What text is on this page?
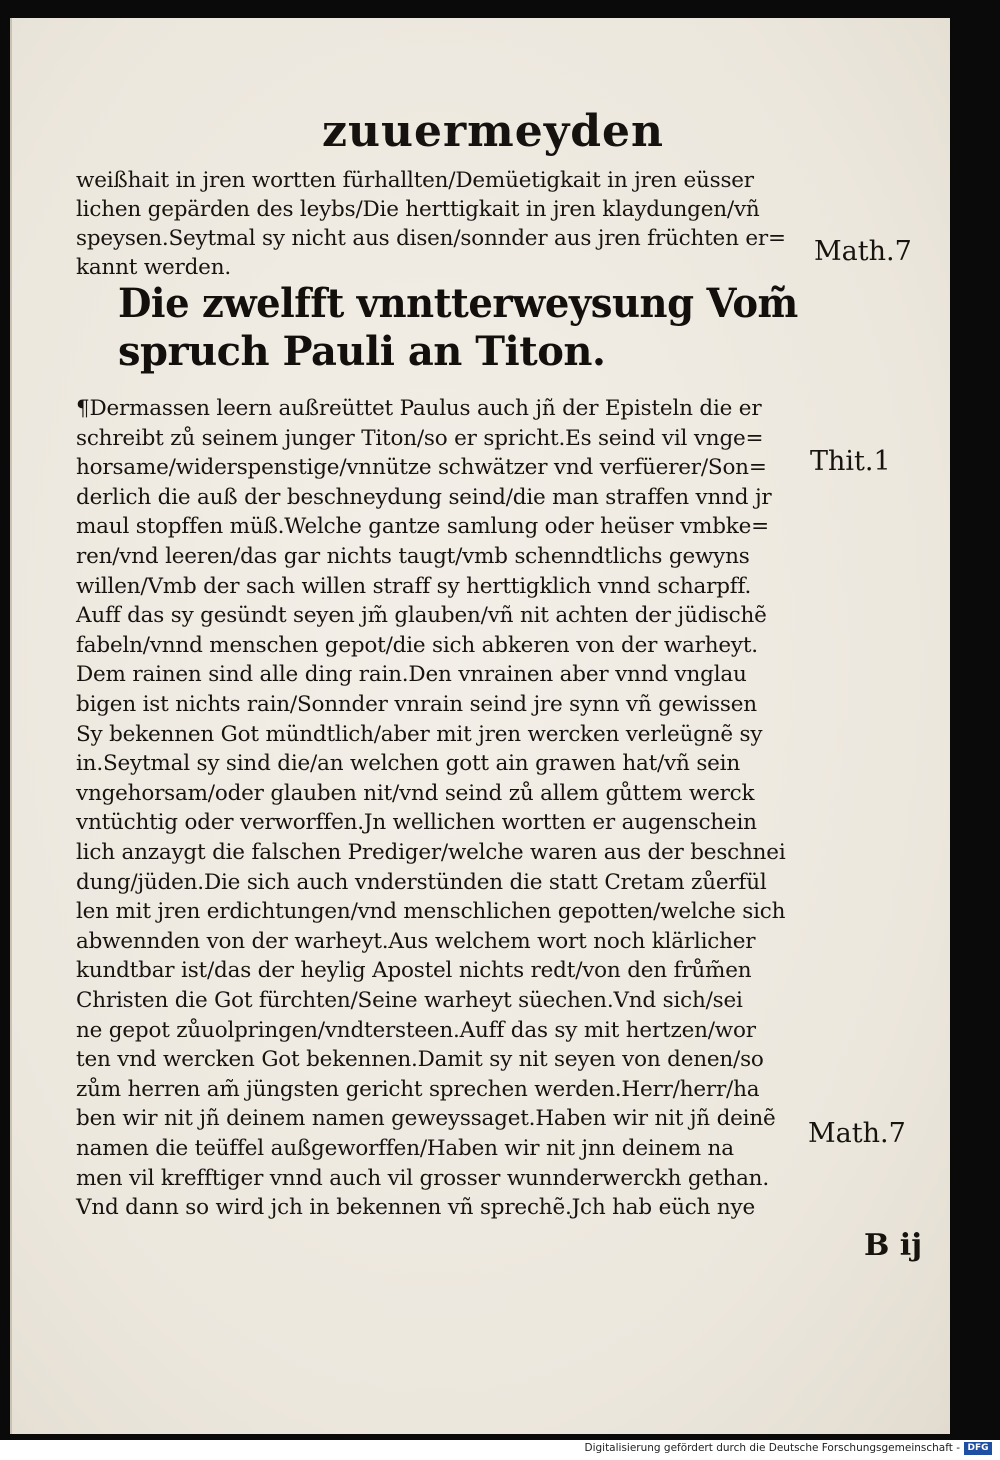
zuuermeyden
weißhait in jren wortten fürhallten/Demüetigkait in jren eüsser
lichen gepärden des leybs/Die herttigkait in jren klaydungen/vñ
speysen.Seytmal sy nicht aus disen/sonnder aus jren früchten er=
kannt werden.
Die zwelfft vnntterweysung Vom̃
spruch Pauli an Titon.
¶Dermassen leern außreüttet Paulus auch jñ der Episteln die er
schreibt zů seinem junger Titon/so er spricht.Es seind vil vnge=
horsame/widerspenstige/vnnütze schwätzer vnd verfüerer/Son=
derlich die auß der beschneydung seind/die man straffen vnnd jr
maul stopffen müß.Welche gantze samlung oder heüser vmbke=
ren/vnd leeren/das gar nichts taugt/vmb schenndtlichs gewyns
willen/Vmb der sach willen straff sy herttigklich vnnd scharpff.
Auff das sy gesündt seyen jm̃ glauben/vñ nit achten der jüdischẽ
fabeln/vnnd menschen gepot/die sich abkeren von der warheyt.
Dem rainen sind alle ding rain.Den vnrainen aber vnnd vnglau
bigen ist nichts rain/Sonnder vnrain seind jre synn vñ gewissen
Sy bekennen Got mündtlich/aber mit jren wercken verleügnẽ sy
in.Seytmal sy sind die/an welchen gott ain grawen hat/vñ sein
vngehorsam/oder glauben nit/vnd seind zů allem gůttem werck
vntüchtig oder verworffen.Jn wellichen wortten er augenschein
lich anzaygt die falschen Prediger/welche waren aus der beschnei
dung/jüden.Die sich auch vnderstünden die statt Cretam zůerfül
len mit jren erdichtungen/vnd menschlichen gepotten/welche sich
abwennden von der warheyt.Aus welchem wort noch klärlicher
kundtbar ist/das der heylig Apostel nichts redt/von den frům̃en
Christen die Got fürchten/Seine warheyt süechen.Vnd sich/sei
ne gepot zůuolpringen/vndtersteen.Auff das sy mit hertzen/wor
ten vnd wercken Got bekennen.Damit sy nit seyen von denen/so
zům herren am̃ jüngsten gericht sprechen werden.Herr/herr/ha
ben wir nit jñ deinem namen geweyssaget.Haben wir nit jñ deinẽ
namen die teüffel außgeworffen/Haben wir nit jnn deinem na
men vil krefftiger vnnd auch vil grosser wunnderwerckh gethan.
Vnd dann so wird jch in bekennen vñ sprechẽ.Jch hab eüch nye
Math.7
Thit.1
Math.7
B ij
Digitalisierung gefördert durch die Deutsche Forschungsgemeinschaft - DFG
